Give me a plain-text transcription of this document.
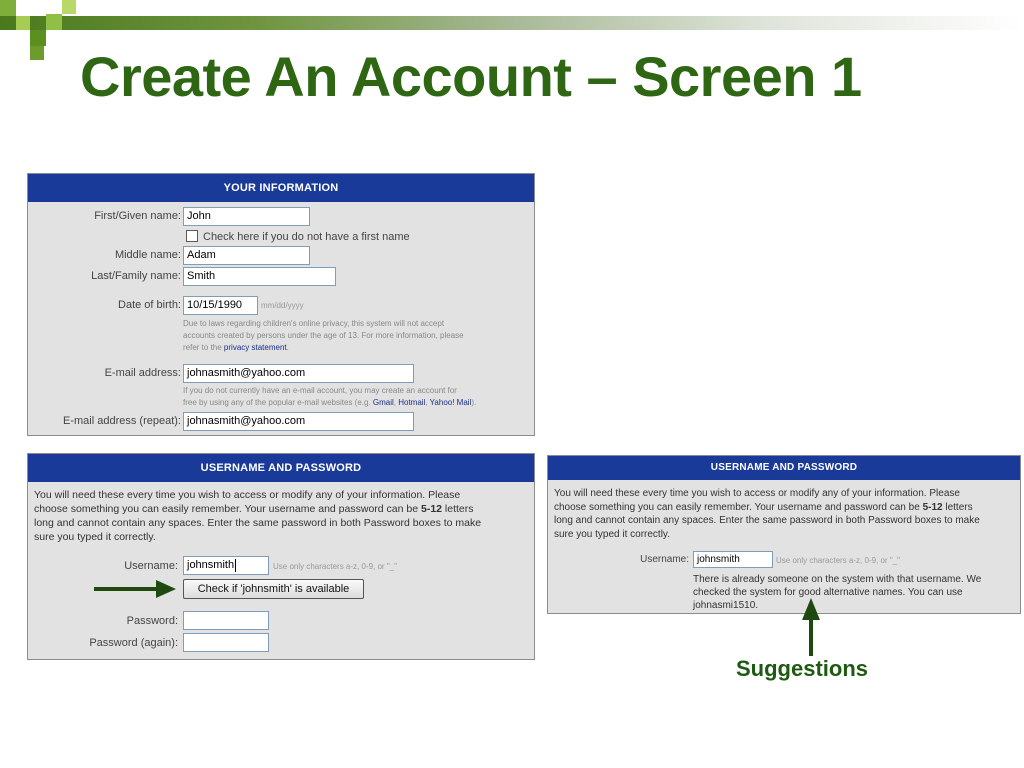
Create An Account – Screen 1
YOUR INFORMATION
First/Given name: John
Check here if you do not have a first name
Middle name: Adam
Last/Family name: Smith
Date of birth: 10/15/1990	mm/dd/yyyy
Due to laws regarding children's online privacy, this system will not accept
accounts created by persons under the age of 13. For more information, please
refer to the privacy statement.
E-mail address: johnasmith@yahoo.com
If you do not currently have an e-mail account, you may create an account for
free by using any of the popular e-mail websites (e.g. Gmail, Hotmail, Yahoo! Mail).
E-mail address (repeat): johnasmith@yahoo.com
USERNAME AND PASSWORD
You will need these every time you wish to access or modify any of your information. Please
choose something you can easily remember. Your username and password can be 5-12 letters
long and cannot contain any spaces. Enter the same password in both Password boxes to make
sure you typed it correctly.
Username: johnsmith	Use only characters a-z, 0-9, or "_"
Check if 'johnsmith' is available
Password:
Password (again):
USERNAME AND PASSWORD
You will need these every time you wish to access or modify any of your information. Please
choose something you can easily remember. Your username and password can be 5-12 letters
long and cannot contain any spaces. Enter the same password in both Password boxes to make
sure you typed it correctly.
Username: johnsmith	Use only characters a-z, 0-9, or "_"
There is already someone on the system with that username. We
checked the system for good alternative names. You can use
johnasmi1510.
Suggestions
